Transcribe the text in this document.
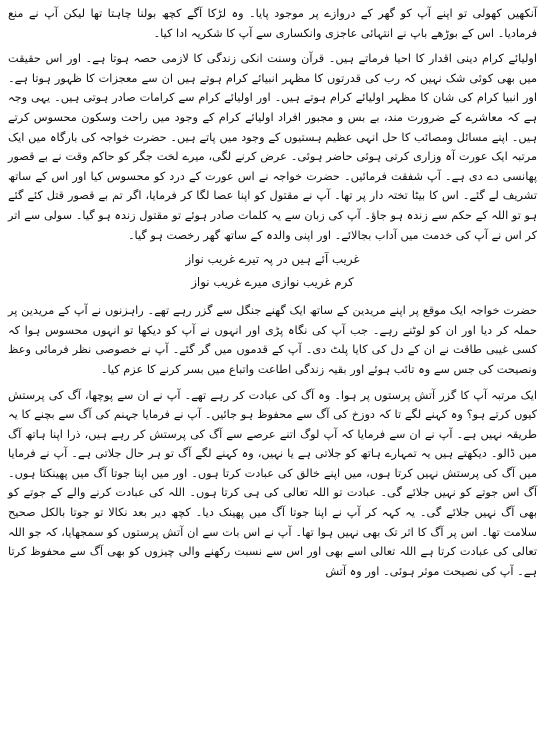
آنکھیں کھولی تو اپنے آپ کو گھر کے دروازے پر موجود پایا۔ وہ لڑکا آگے کچھ بولنا چاہتا تھا لیکن آپ نے منع فرمادیا۔ اس کے بوڑھے باپ نے انتہائی عاجزی وانکساری سے آپ کا شکریہ ادا کیا۔

اولیائے کرام دینی اقدار کا احیا فرماتے ہیں۔ قرآن وسنت انکی زندگی کا لازمی حصہ ہوتا ہے۔ اور اس حقیقت میں بھی کوئی شک نہیں کہ رب کی قدرتوں کا مظہر انبیائے کرام ہوتے ہیں ان سے معجزات کا ظہور ہوتا ہے۔ اور انبیا کرام کی شان کا مظہر اولیائے کرام ہوتے ہیں۔ اور اولیائے کرام سے کرامات صادر ہوتی ہیں۔ یہی وجہ ہے کہ معاشرے کے ضرورت مند، بے بس و مجبور افراد اولیائے کرام کے وجود میں راحت وسکون محسوس کرتے ہیں۔ اپنے مسائل ومصائب کا حل انہی عظیم ہستیوں کے وجود میں پاتے ہیں۔ حضرت خواجہ کی بارگاہ میں ایک مرتبہ ایک عورت آہ وزاری کرتی ہوئی حاضر ہوئی۔ عرض کرنے لگی، میرے لخت جگر کو حاکم وقت نے بے قصور پھانسی دے دی ہے۔ آپ شفقت فرمائیں۔ حضرت خواجہ نے اس عورت کے درد کو محسوس کیا اور اس کے ساتھ تشریف لے گئے۔ اس کا بیٹا تختہ دار پر تھا۔ آپ نے مقتول کو اپنا عصا لگا کر فرمایا، اگر تم بے قصور قتل کئے گئے ہو تو اللہ کے حکم سے زندہ ہو جاؤ۔ آپ کی زبان سے یہ کلمات صادر ہوئے تو مقتول زندہ ہو گیا۔ سولی سے اتر کر اس نے آپ کی خدمت میں آداب بجالائے۔ اور اپنی والدہ کے ساتھ گھر رخصت ہو گیا۔

غریب آئے ہیں در پہ تیرے غریب نواز

کرم غریب نوازی میرے غریب نواز

حضرت خواجہ ایک موقع پر اپنے مریدین کے ساتھ ایک گھنے جنگل سے گزر رہے تھے۔ راہزنوں نے آپ کے مریدین پر حملہ کر دیا اور ان کو لوٹنے رہے۔ جب آپ کی نگاہ پڑی اور انہوں نے آپ کو دیکھا تو انہوں محسوس ہوا کہ کسی غیبی طاقت نے ان کے دل کی کایا پلٹ دی۔ آپ کے قدموں میں گر گئے۔ آپ نے خصوصی نظر فرمائی وعظ ونصیحت کی جس سے وہ تائب ہوئے اور بقیہ زندگی اطاعت واتباع میں بسر کرنے کا عزم کیا۔

ایک مرتبہ آپ کا گزر آتش پرستوں پر ہوا۔ وہ آگ کی عبادت کر رہے تھے۔ آپ نے ان سے پوچھا، آگ کی پرستش کیوں کرتے ہو؟ وہ کہنے لگے تا کہ دوزخ کی آگ سے محفوظ ہو جائیں۔ آپ نے فرمایا جہنم کی آگ سے بچنے کا یہ طریقہ نہیں ہے۔ آپ نے ان سے فرمایا کہ آپ لوگ اتنے عرصے سے آگ کی پرستش کر رہے ہیں، ذرا اپنا ہاتھ آگ میں ڈالو۔ دیکھتے ہیں یہ تمہارے ہاتھ کو جلاتی ہے یا نہیں، وہ کہنے لگے آگ تو ہر حال جلاتی ہے۔ آپ نے فرمایا میں آگ کی پرستش نہیں کرتا ہوں، میں اپنے خالق کی عبادت کرتا ہوں۔ اور میں اپنا جوتا آگ میں پھینکتا ہوں۔ آگ اس جوتے کو نہیں جلائے گی۔ عبادت تو اللہ تعالی کی ہی کرتا ہوں۔ اللہ کی عبادت کرنے والے کے جوتے کو بھی آگ نہیں جلائے گی۔ یہ کہہ کر آپ نے اپنا جوتا آگ میں پھینک دیا۔ کچھ دیر بعد نکالا تو جوتا بالکل صحیح سلامت تھا۔ اس پر آگ کا اثر تک بھی نہیں ہوا تھا۔ آپ نے اس بات سے ان آتش پرستوں کو سمجھایا، کہ جو اللہ تعالی کی عبادت کرتا ہے اللہ تعالی اسے بھی اور اس سے نسبت رکھنے والی چیزوں کو بھی آگ سے محفوظ کرتا ہے۔ آپ کی نصیحت موثر ہوئی۔ اور وہ آتش
